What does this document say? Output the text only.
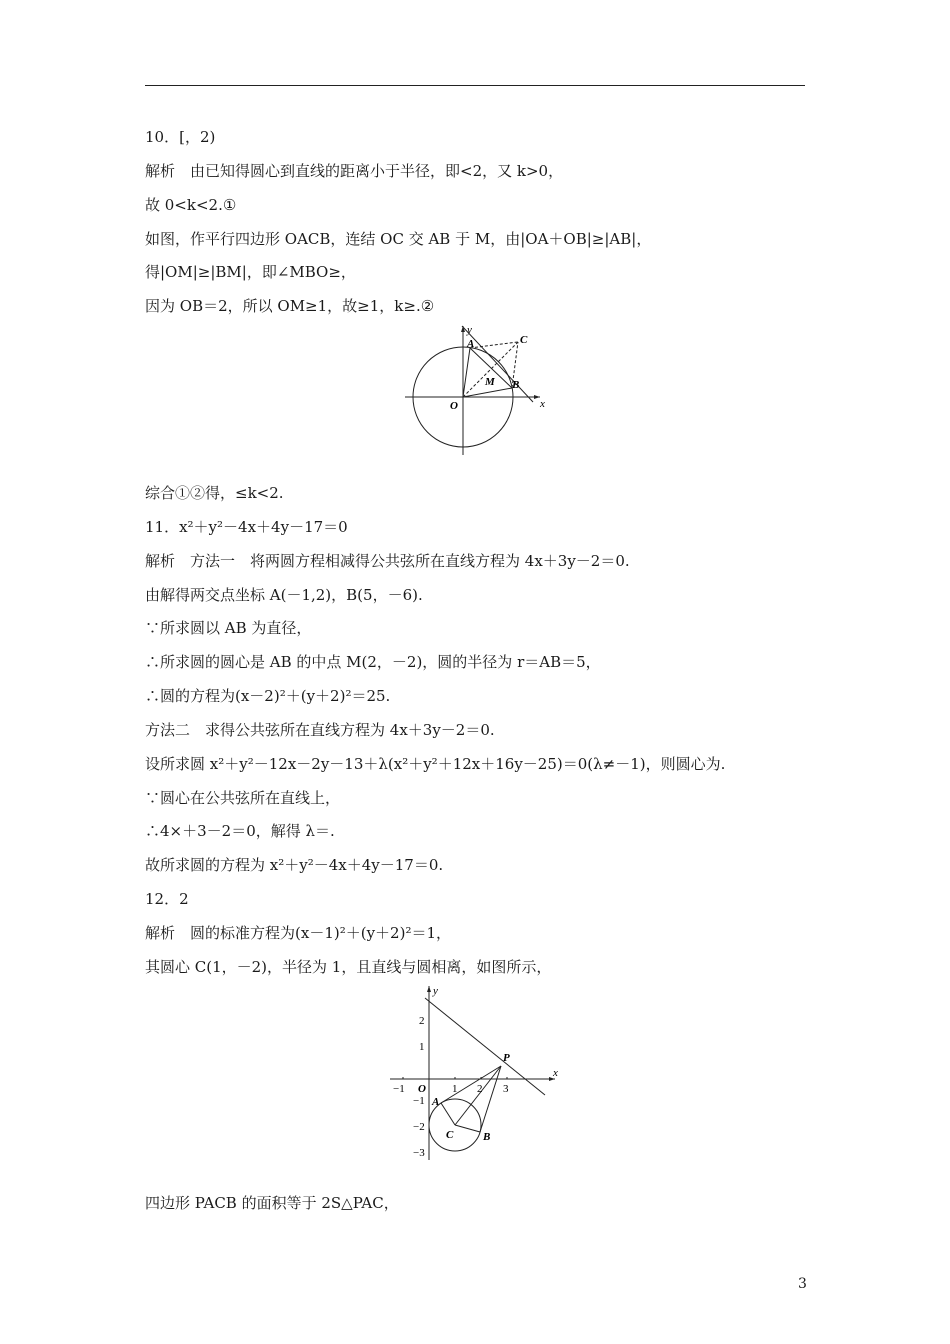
10．[，2)
解析　由已知得圆心到直线的距离小于半径，即<2，又 k>0，
故 0<k<2.①
如图，作平行四边形 OACB，连结 OC 交 AB 于 M，由|OA＋OB|≥|AB|，
得|OM|≥|BM|，即∠MBO≥，
因为 OB＝2，所以 OM≥1，故≥1，k≥.②
y
x
O
A
B
C
M
综合①②得，≤k<2.
11．x²＋y²－4x＋4y－17＝0
解析　方法一　将两圆方程相减得公共弦所在直线方程为 4x＋3y－2＝0.
由解得两交点坐标 A(－1,2)，B(5，－6).
∵所求圆以 AB 为直径，
∴所求圆的圆心是 AB 的中点 M(2，－2)，圆的半径为 r＝AB＝5，
∴圆的方程为(x－2)²＋(y＋2)²＝25.
方法二　求得公共弦所在直线方程为 4x＋3y－2＝0.
设所求圆 x²＋y²－12x－2y－13＋λ(x²＋y²＋12x＋16y－25)＝0(λ≠－1)，则圆心为.
∵圆心在公共弦所在直线上，
∴4×＋3－2＝0，解得 λ＝.
故所求圆的方程为 x²＋y²－4x＋4y－17＝0.
12．2
解析　圆的标准方程为(x－1)²＋(y＋2)²＝1，
其圆心 C(1，－2)，半径为 1，且直线与圆相离，如图所示，
y
x
O
P
A
B
C
−1	1 2 3
2
1
−1
−2
−3
四边形 PACB 的面积等于 2S△PAC，
3
